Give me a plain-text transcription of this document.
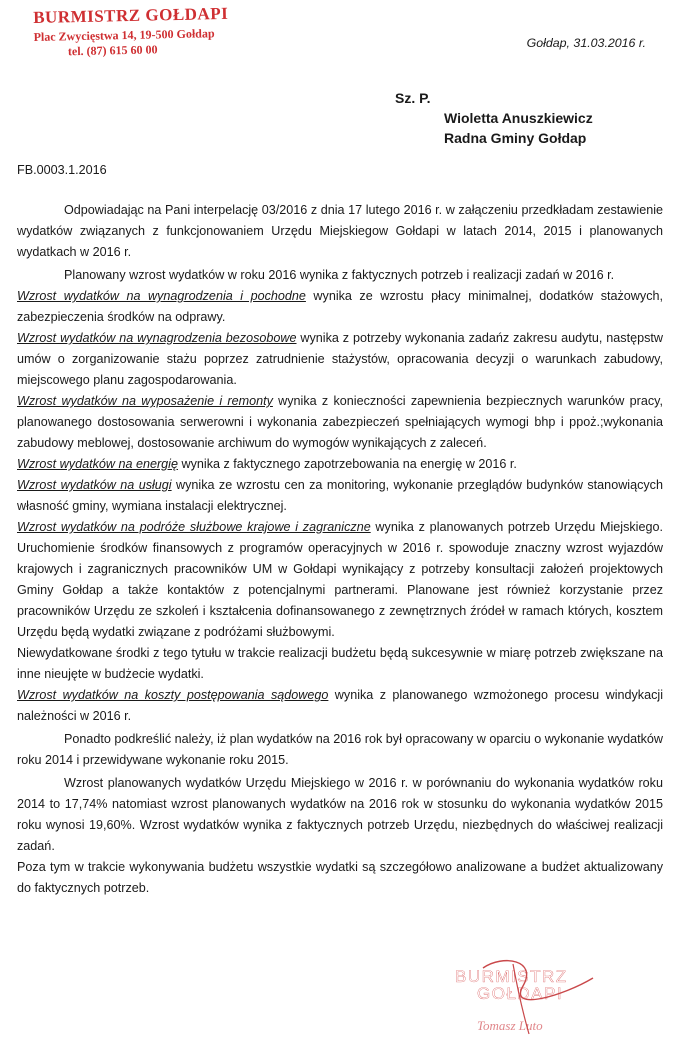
BURMISTRZ GOŁDAPI
Plac Zwycięstwa 14, 19-500 Gołdap
tel. (87) 615 60 00	Gołdap, 31.03.2016 r.
Sz. P.
Wioletta Anuszkiewicz
Radna Gminy Gołdap
FB.0003.1.2016

Odpowiadając na Pani interpelację 03/2016 z dnia 17 lutego 2016 r. w załączeniu przedkładam zestawienie wydatków związanych z funkcjonowaniem Urzędu Miejskiegow Gołdapi w latach 2014, 2015 i planowanych wydatkach w 2016 r.

Planowany wzrost wydatków w roku 2016 wynika z faktycznych potrzeb i realizacji zadań w 2016 r.

Wzrost wydatków na wynagrodzenia i pochodne wynika ze wzrostu płacy minimalnej, dodatków stażowych, zabezpieczenia środków na odprawy.

Wzrost wydatków na wynagrodzenia bezosobowe wynika z potrzeby wykonania zadańz zakresu audytu, następstw umów o zorganizowanie stażu poprzez zatrudnienie stażystów, opracowania decyzji o warunkach zabudowy, miejscowego planu zagospodarowania.

Wzrost wydatków na wyposażenie i remonty wynika z konieczności zapewnienia bezpiecznych warunków pracy, planowanego dostosowania serwerowni i wykonania zabezpieczeń spełniających wymogi bhp i ppoż.;wykonania zabudowy meblowej, dostosowanie archiwum do wymogów wynikających z zaleceń.

Wzrost wydatków na energię wynika z faktycznego zapotrzebowania na energię w 2016 r.

Wzrost wydatków na usługi wynika ze wzrostu cen za monitoring, wykonanie przeglądów budynków stanowiących własność gminy, wymiana instalacji elektrycznej.

Wzrost wydatków na podróże służbowe krajowe i zagraniczne wynika z planowanych potrzeb Urzędu Miejskiego. Uruchomienie środków finansowych z programów operacyjnych w 2016 r. spowoduje znaczny wzrost wyjazdów krajowych i zagranicznych pracowników UM w Gołdapi wynikający z potrzeby konsultacji założeń projektowych Gminy Gołdap a także kontaktów z potencjalnymi partnerami. Planowane jest również korzystanie przez pracowników Urzędu ze szkoleń i kształcenia dofinansowanego z zewnętrznych źródeł w ramach których, kosztem Urzędu będą wydatki związane z podróżami służbowymi.

Niewydatkowane środki z tego tytułu w trakcie realizacji budżetu będą sukcesywnie w miarę potrzeb zwiększane na inne nieujęte w budżecie wydatki.

Wzrost wydatków na koszty postępowania sądowego wynika z planowanego wzmożonego procesu windykacji należności w 2016 r.

Ponadto podkreślić należy, iż plan wydatków na 2016 rok był opracowany w oparciu o wykonanie wydatków roku 2014 i przewidywane wykonanie roku 2015.

Wzrost planowanych wydatków Urzędu Miejskiego w 2016 r. w porównaniu do wykonania wydatków roku 2014 to 17,74% natomiast wzrost planowanych wydatków na 2016 rok w stosunku do wykonania wydatków 2015 roku wynosi 19,60%. Wzrost wydatków wynika z faktycznych potrzeb Urzędu, niezbędnych do właściwej realizacji zadań.

Poza tym w trakcie wykonywania budżetu wszystkie wydatki są szczegółowo analizowane a budżet aktualizowany do faktycznych potrzeb.

BURMISTRZ
GOŁDAPI
Tomasz Luto
